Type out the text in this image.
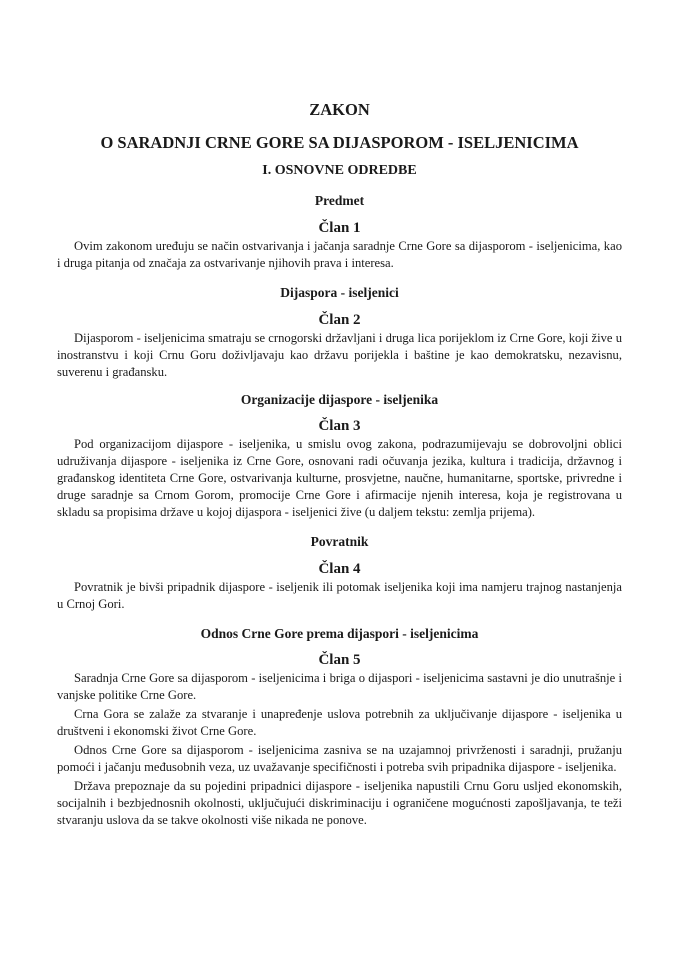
ZAKON
O SARADNJI CRNE GORE SA DIJASPOROM - ISELJENICIMA
I. OSNOVNE ODREDBE
Predmet
Član 1

Ovim zakonom uređuju se način ostvarivanja i jačanja saradnje Crne Gore sa dijasporom - iseljenicima, kao i druga pitanja od značaja za ostvarivanje njihovih prava i interesa.

Dijaspora - iseljenici
Član 2

Dijasporom - iseljenicima smatraju se crnogorski državljani i druga lica porijeklom iz Crne Gore, koji žive u inostranstvu i koji Crnu Goru doživljavaju kao državu porijekla i baštine je kao demokratsku, nezavisnu, suverenu i građansku.

Organizacije dijaspore - iseljenika
Član 3

Pod organizacijom dijaspore - iseljenika, u smislu ovog zakona, podrazumijevaju se dobrovoljni oblici udruživanja dijaspore - iseljenika iz Crne Gore, osnovani radi očuvanja jezika, kultura i tradicija, državnog i građanskog identiteta Crne Gore, ostvarivanja kulturne, prosvjetne, naučne, humanitarne, sportske, privredne i druge saradnje sa Crnom Gorom, promocije Crne Gore i afirmacije njenih interesa, koja je registrovana u skladu sa propisima države u kojoj dijaspora - iseljenici žive (u daljem tekstu: zemlja prijema).

Povratnik
Član 4

Povratnik je bivši pripadnik dijaspore - iseljenik ili potomak iseljenika koji ima namjeru trajnog nastanjenja u Crnoj Gori.

Odnos Crne Gore prema dijaspori - iseljenicima
Član 5

Saradnja Crne Gore sa dijasporom - iseljenicima i briga o dijaspori - iseljenicima sastavni je dio unutrašnje i vanjske politike Crne Gore.

Crna Gora se zalaže za stvaranje i unapređenje uslova potrebnih za uključivanje dijaspore - iseljenika u društveni i ekonomski život Crne Gore.

Odnos Crne Gore sa dijasporom - iseljenicima zasniva se na uzajamnoj privrženosti i saradnji, pružanju pomoći i jačanju međusobnih veza, uz uvažavanje specifičnosti i potreba svih pripadnika dijaspore - iseljenika.

Država prepoznaje da su pojedini pripadnici dijaspore - iseljenika napustili Crnu Goru usljed ekonomskih, socijalnih i bezbjednosnih okolnosti, uključujući diskriminaciju i ograničene mogućnosti zapošljavanja, te teži stvaranju uslova da se takve okolnosti više nikada ne ponove.
